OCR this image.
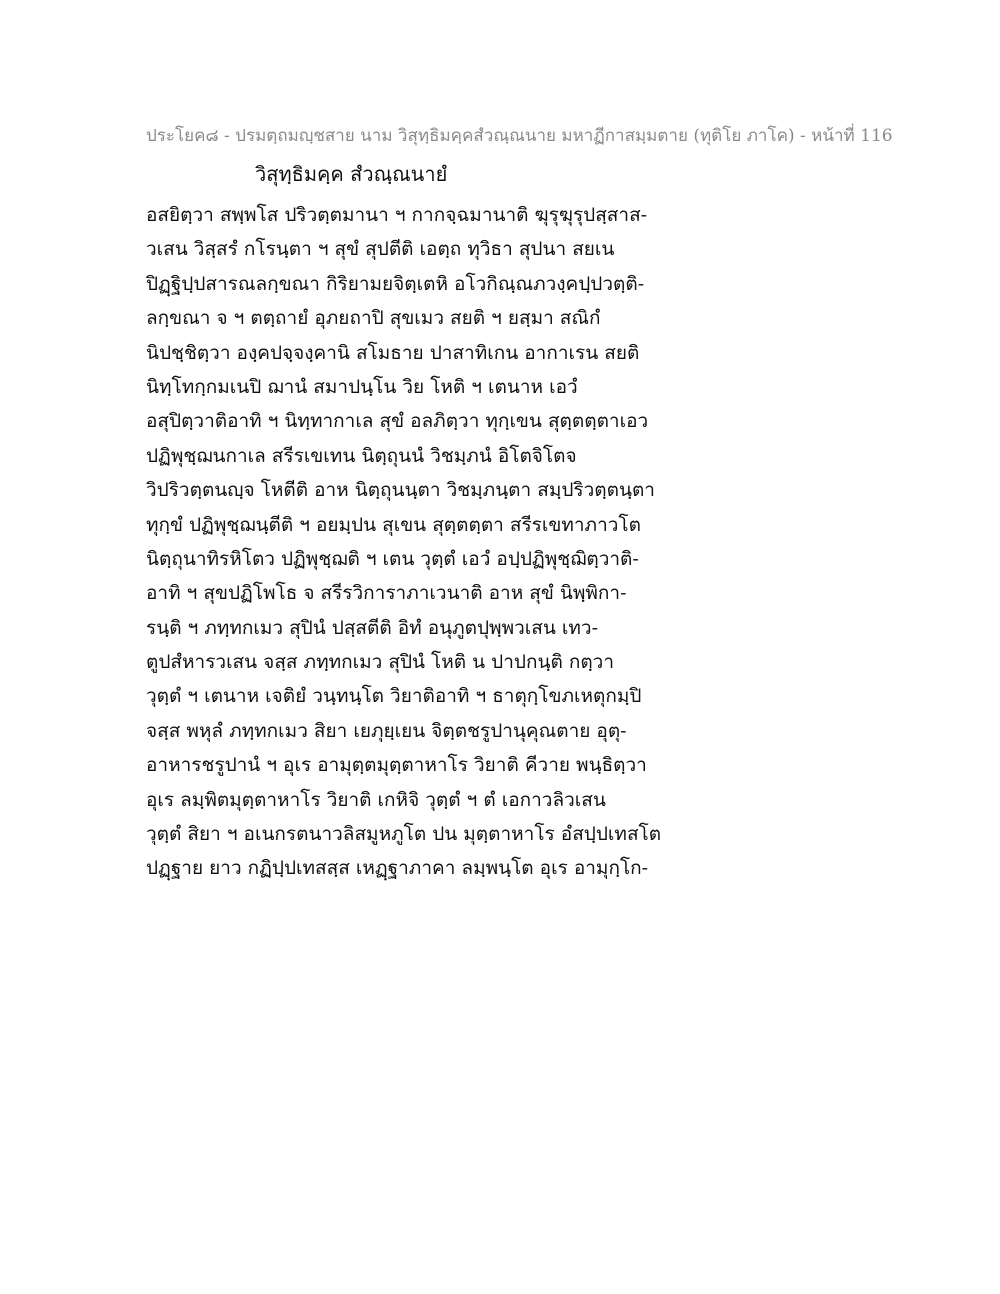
ประโยค๘ - ปรมตฺถมญฺชสาย นาม วิสุทฺธิมคฺคสํวณฺณนาย มหาฏีกาสมฺมตาย (ทุติโย ภาโค) - หน้าที่ 116
วิสุทฺธิมคฺค สํวณฺณนายํ
อสยิตฺวา สพฺพโส ปริวตฺตมานา ฯ กากจฺฉมานาติ ฆุรุฆุรุปสฺสาส-
วเสน วิสฺสรํ กโรนฺตา ฯ สุขํ สุปตีติ เอตฺถ ทุวิธา สุปนา สยเน
ปิฏฺฐิปฺปสารณลกฺขณา กิริยามยจิตฺเตหิ อโวกิณฺณภวงฺคปฺปวตฺติ-
ลกฺขณา จ ฯ ตตฺถายํ อุภยถาปิ สุขเมว สยติ ฯ ยสฺมา สณิกํ
นิปชฺชิตฺวา องฺคปจฺจงฺคานิ สโมธาย ปาสาทิเกน อากาเรน สยติ
นิทฺโทกฺกมเนปิ ฌานํ สมาปนฺโน วิย โหติ ฯ เตนาห เอวํ
อสุปิตฺวาติอาทิ ฯ นิทฺทากาเล สุขํ อลภิตฺวา ทุกฺเขน สุตฺตตฺตาเอว
ปฏิพุชฺฌนกาเล สรีรเขเทน นิตฺถุนนํ วิชมฺภนํ อิโตจิโตจ
วิปริวตฺตนญฺจ โหตีติ อาห นิตฺถุนนฺตา วิชมฺภนฺตา สมฺปริวตฺตนฺตา
ทุกฺขํ ปฏิพุชฺฌนฺตีติ ฯ อยมฺปน สุเขน สุตฺตตฺตา สรีรเขทาภาวโต
นิตฺถุนาทิรหิโตว ปฏิพุชฺฌติ ฯ เตน วุตฺตํ เอวํ อปฺปฏิพุชฺฌิตฺวาติ-
อาทิ ฯ สุขปฏิโพโธ จ สรีรวิการาภาเวนาติ อาห สุขํ นิพฺพิกา-
รนฺติ ฯ ภทฺทกเมว สุปินํ ปสฺสตีติ อิทํ อนุภูตปุพฺพวเสน เทว-
ตูปสํหารวเสน จสฺส ภทฺทกเมว สุปินํ โหติ น ปาปกนฺติ กตฺวา
วุตฺตํ ฯ เตนาห เจติยํ วนฺทนฺโต วิยาติอาทิ ฯ ธาตุกฺโขภเหตุกมฺปิ
จสฺส พหุลํ ภทฺทกเมว สิยา เยภุยฺเยน จิตฺตชรูปานุคุณตาย อุตุ-
อาหารชรูปานํ ฯ อุเร อามุตฺตมุตฺตาหาโร วิยาติ คีวาย พนฺธิตฺวา
อุเร ลมฺพิตมุตฺตาหาโร วิยาติ เกหิจิ วุตฺตํ ฯ ตํ เอกาวลิวเสน
วุตฺตํ สิยา ฯ อเนกรตนาวลิสมูหภูโต ปน มุตฺตาหาโร อํสปฺปเทสโต
ปฏฺฐาย ยาว กฏิปฺปเทสสฺส เหฏฺฐาภาคา ลมฺพนฺโต อุเร อามุกฺโก-
